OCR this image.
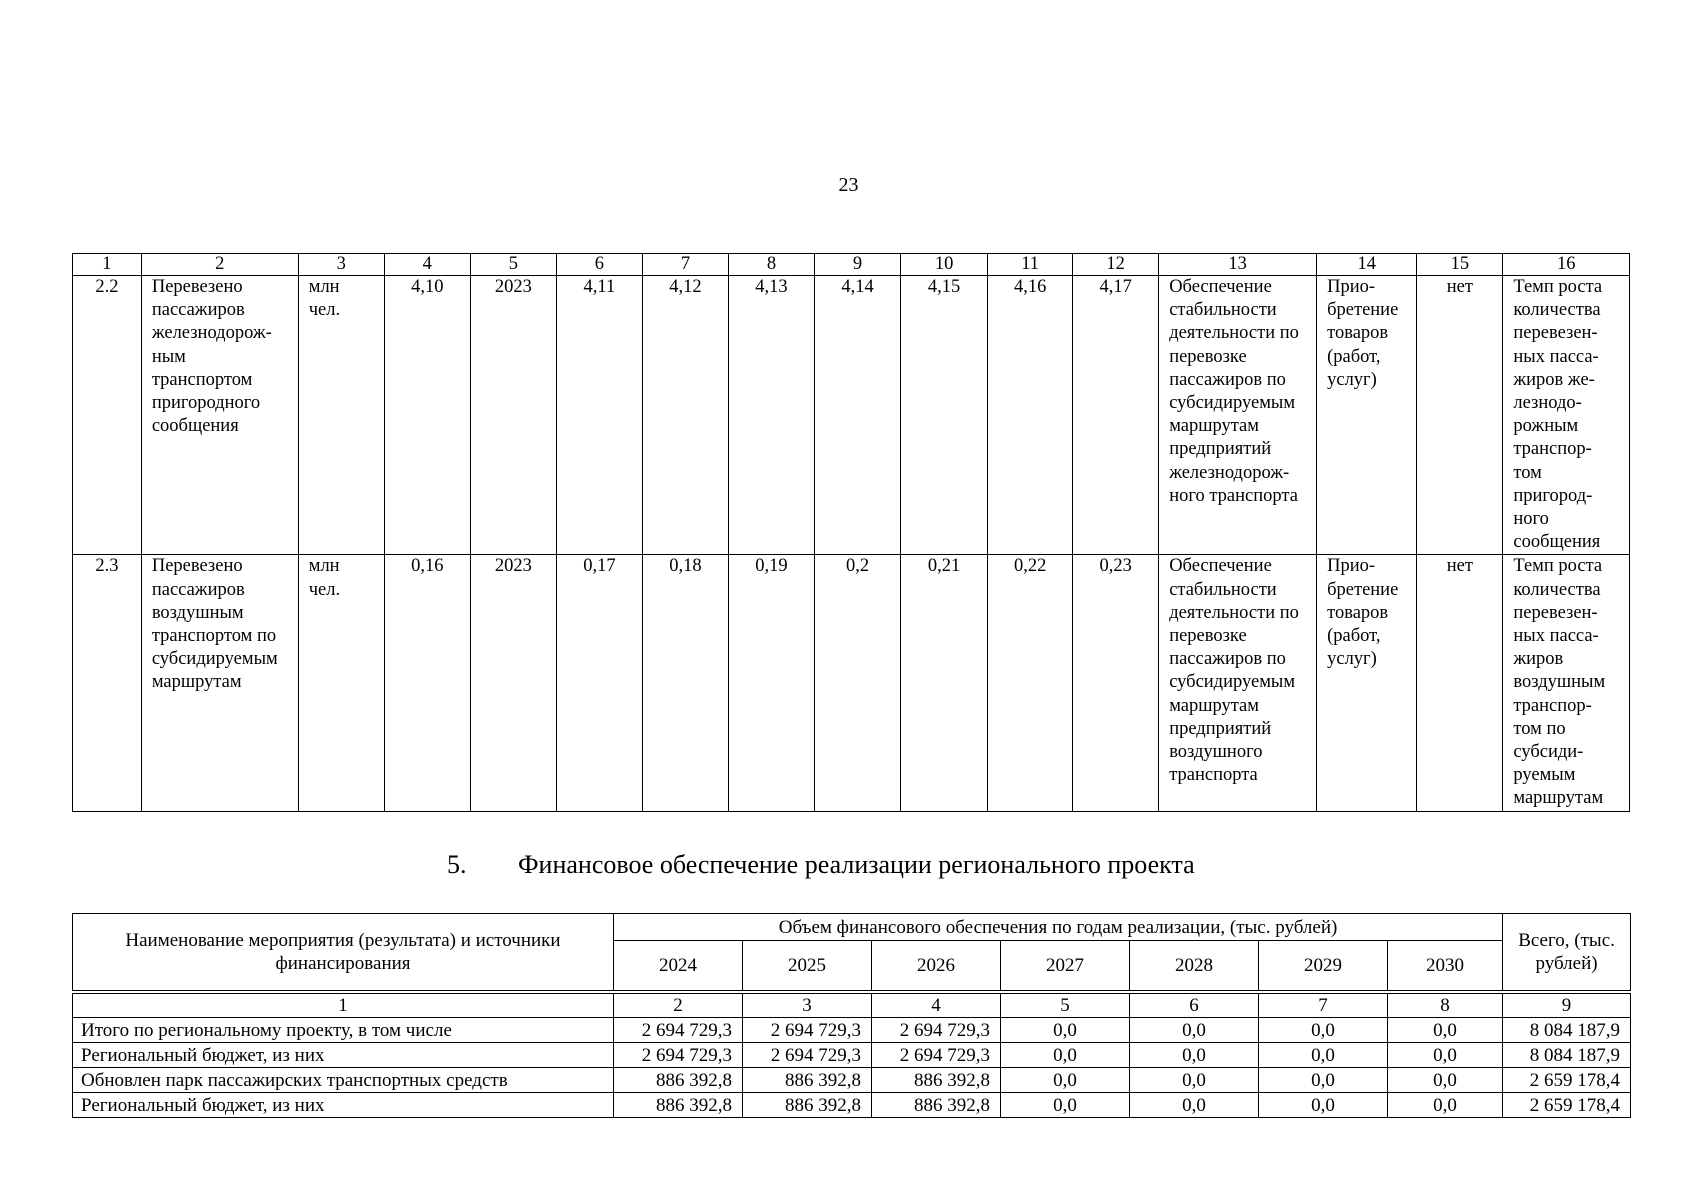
23
1	2	3	4	5	6	7	8	9	10	11	12	13	14	15	16
2.2	Перевезено пассажиров железнодорож-ным транспортом пригородного сообщения	млн чел.	4,10	2023	4,11	4,12	4,13	4,14	4,15	4,16	4,17	Обеспечение стабильности деятельности по перевозке пассажиров по субсидируемым маршрутам предприятий железнодорож-ного транспорта	Прио-бретение товаров (работ, услуг)	нет	Темп роста количества перевезен-ных пасса-жиров же-лезнодо-рожным транспор-том пригород-ного сообщения
2.3	Перевезено пассажиров воздушным транспортом по субсидируемым маршрутам	млн чел.	0,16	2023	0,17	0,18	0,19	0,2	0,21	0,22	0,23	Обеспечение стабильности деятельности по перевозке пассажиров по субсидируемым маршрутам предприятий воздушного транспорта	Прио-бретение товаров (работ, услуг)	нет	Темп роста количества перевезен-ных пасса-жиров воздушным транспор-том по субсиди-руемым маршрутам
5. Финансовое обеспечение реализации регионального проекта
Наименование мероприятия (результата) и источники финансирования	Объем финансового обеспечения по годам реализации, (тыс. рублей)							Всего, (тыс. рублей)
	2024	2025	2026	2027	2028	2029	2030	

1	2	3	4	5	6	7	8	9
Итого по региональному проекту, в том числе	2 694 729,3	2 694 729,3	2 694 729,3	0,0	0,0	0,0	0,0	8 084 187,9
Региональный бюджет, из них	2 694 729,3	2 694 729,3	2 694 729,3	0,0	0,0	0,0	0,0	8 084 187,9
Обновлен парк пассажирских транспортных средств	886 392,8	886 392,8	886 392,8	0,0	0,0	0,0	0,0	2 659 178,4
Региональный бюджет, из них	886 392,8	886 392,8	886 392,8	0,0	0,0	0,0	0,0	2 659 178,4
